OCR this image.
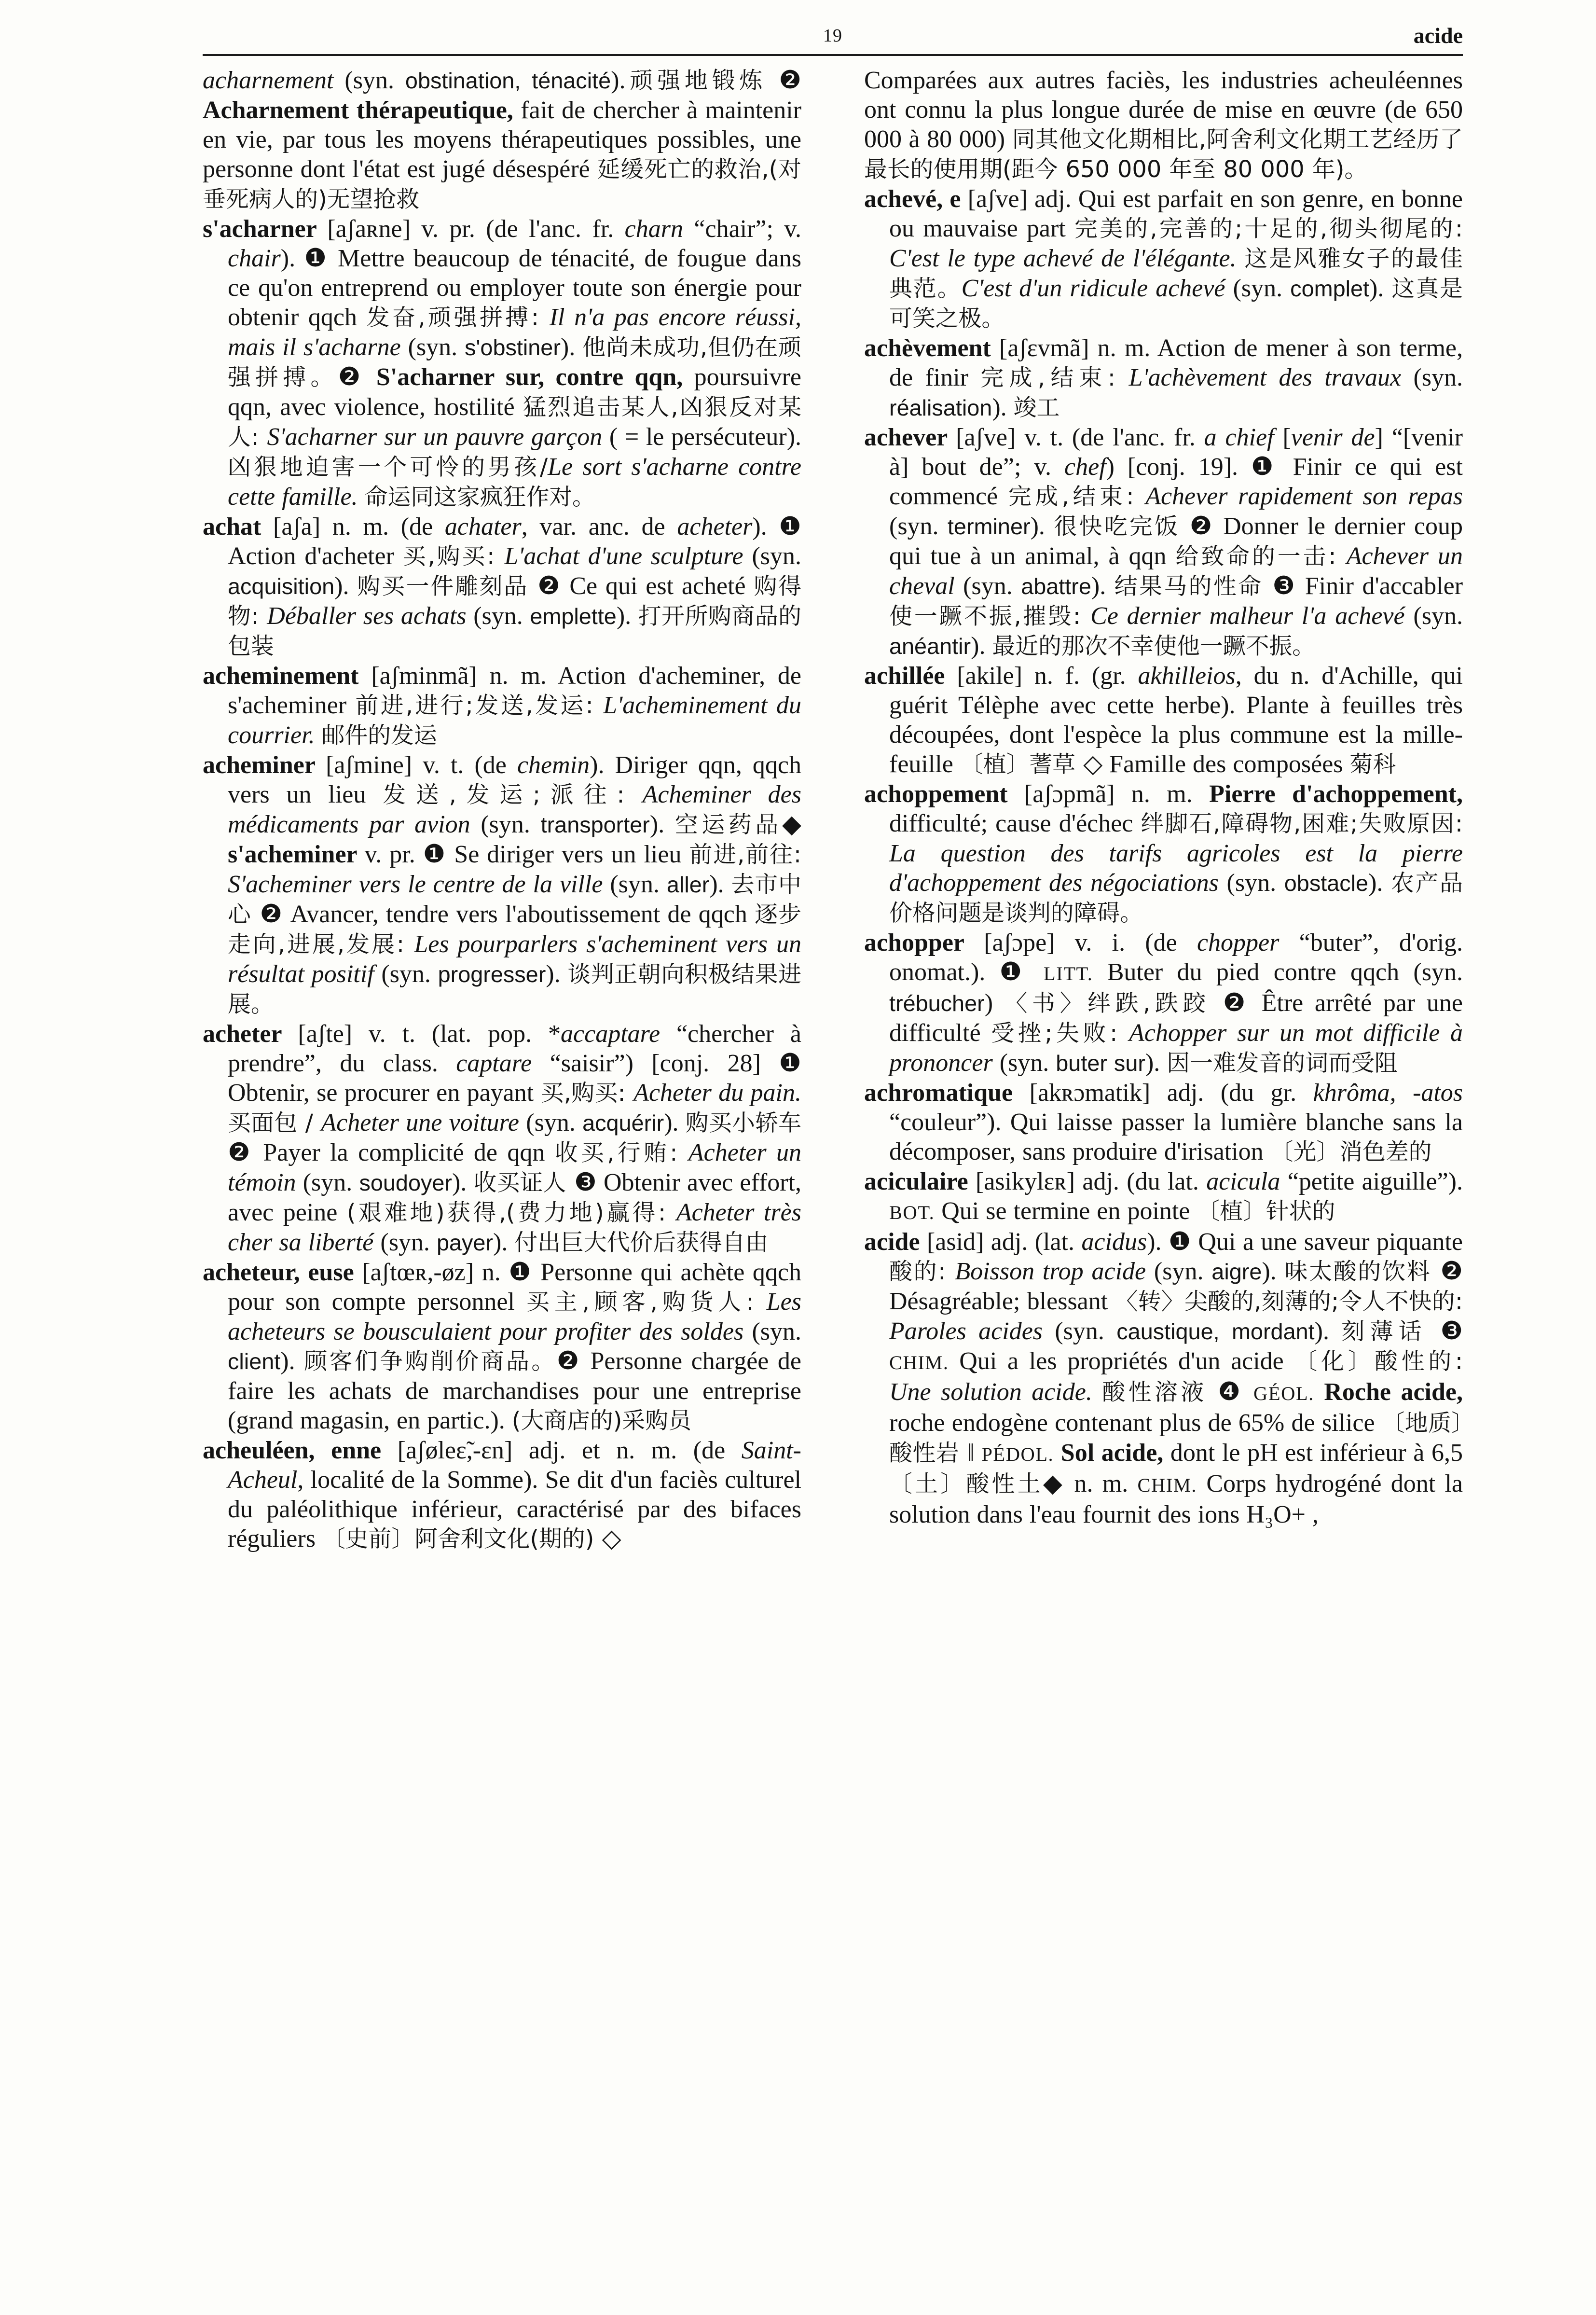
19	acide

acharnement (syn. obstination, ténacité).顽强地锻炼 ❷ Acharnement thérapeutique, fait de chercher à maintenir en vie, par tous les moyens thérapeutiques possibles, une personne dont l'état est jugé désespéré 延缓死亡的救治,(对垂死病人的)无望抢救

s'acharner [aʃaʀne] v. pr. (de l'anc. fr. charn “chair”; v. chair). ❶ Mettre beaucoup de ténacité, de fougue dans ce qu'on entreprend ou employer toute son énergie pour obtenir qqch 发奋,顽强拼搏: Il n'a pas encore réussi, mais il s'acharne (syn. s'obstiner). 他尚未成功,但仍在顽强拼搏。❷ S'acharner sur, contre qqn, poursuivre qqn, avec violence, hostilité 猛烈追击某人,凶狠反对某人: S'acharner sur un pauvre garçon ( = le persécuteur). 凶狠地迫害一个可怜的男孩/Le sort s'acharne contre cette famille. 命运同这家疯狂作对。

achat [aʃa] n. m. (de achater, var. anc. de acheter). ❶ Action d'acheter 买,购买: L'achat d'une sculpture (syn. acquisition). 购买一件雕刻品 ❷ Ce qui est acheté 购得物: Déballer ses achats (syn. emplette). 打开所购商品的包装

acheminement [aʃminmã] n. m. Action d'acheminer, de s'acheminer 前进,进行;发送,发运: L'acheminement du courrier. 邮件的发运

acheminer [aʃmine] v. t. (de chemin). Diriger qqn, qqch vers un lieu 发送,发运;派往: Acheminer des médicaments par avion (syn. transporter). 空运药品◆ s'acheminer v. pr. ❶ Se diriger vers un lieu 前进,前往: S'acheminer vers le centre de la ville (syn. aller). 去市中心 ❷ Avancer, tendre vers l'aboutissement de qqch 逐步走向,进展,发展: Les pourparlers s'acheminent vers un résultat positif (syn. progresser). 谈判正朝向积极结果进展。

acheter [aʃte] v. t. (lat. pop. *accaptare “chercher à prendre”, du class. captare “saisir”) [conj. 28] ❶ Obtenir, se procurer en payant 买,购买: Acheter du pain. 买面包 / Acheter une voiture (syn. acquérir). 购买小轿车 ❷ Payer la complicité de qqn 收买,行贿: Acheter un témoin (syn. soudoyer). 收买证人 ❸ Obtenir avec effort, avec peine (艰难地)获得,(费力地)赢得: Acheter très cher sa liberté (syn. payer). 付出巨大代价后获得自由

acheteur, euse [aʃtœʀ,-øz] n. ❶ Personne qui achète qqch pour son compte personnel 买主,顾客,购货人: Les acheteurs se bousculaient pour profiter des soldes (syn. client). 顾客们争购削价商品。❷ Personne chargée de faire les achats de marchandises pour une entreprise (grand magasin, en partic.). (大商店的)采购员

acheuléen, enne [aʃøleɛ̃,-ɛn] adj. et n. m. (de Saint-Acheul, localité de la Somme). Se dit d'un faciès culturel du paléolithique inférieur, caractérisé par des bifaces réguliers 〔史前〕阿舍利文化(期的) ◇

Comparées aux autres faciès, les industries acheuléennes ont connu la plus longue durée de mise en œuvre (de 650 000 à 80 000) 同其他文化期相比,阿舍利文化期工艺经历了最长的使用期(距今 650 000 年至 80 000 年)。

achevé, e [aʃve] adj. Qui est parfait en son genre, en bonne ou mauvaise part 完美的,完善的;十足的,彻头彻尾的: C'est le type achevé de l'élégante. 这是风雅女子的最佳典范。C'est d'un ridicule achevé (syn. complet). 这真是可笑之极。

achèvement [aʃɛvmã] n. m. Action de mener à son terme, de finir 完成,结束: L'achèvement des travaux (syn. réalisation). 竣工

achever [aʃve] v. t. (de l'anc. fr. a chief [venir de] “[venir à] bout de”; v. chef) [conj. 19]. ❶ Finir ce qui est commencé 完成,结束: Achever rapidement son repas (syn. terminer). 很快吃完饭 ❷ Donner le dernier coup qui tue à un animal, à qqn 给致命的一击: Achever un cheval (syn. abattre). 结果马的性命 ❸ Finir d'accabler 使一蹶不振,摧毁: Ce dernier malheur l'a achevé (syn. anéantir). 最近的那次不幸使他一蹶不振。

achillée [akile] n. f. (gr. akhilleios, du n. d'Achille, qui guérit Télèphe avec cette herbe). Plante à feuilles très découpées, dont l'espèce la plus commune est la mille-feuille 〔植〕蓍草 ◇ Famille des composées 菊科

achoppement [aʃɔpmã] n. m. Pierre d'achoppement, difficulté; cause d'échec 绊脚石,障碍物,困难;失败原因: La question des tarifs agricoles est la pierre d'achoppement des négociations (syn. obstacle). 农产品价格问题是谈判的障碍。

achopper [aʃɔpe] v. i. (de chopper “buter”, d'orig. onomat.). ❶ LITT. Buter du pied contre qqch (syn. trébucher) 〈书〉绊跌,跌跤 ❷ Être arrêté par une difficulté 受挫;失败: Achopper sur un mot difficile à prononcer (syn. buter sur). 因一难发音的词而受阻

achromatique [akʀɔmatik] adj. (du gr. khrôma, -atos “couleur”). Qui laisse passer la lumière blanche sans la décomposer, sans produire d'irisation 〔光〕消色差的

aciculaire [asikylɛʀ] adj. (du lat. acicula “petite aiguille”). BOT. Qui se termine en pointe 〔植〕针状的

acide [asid] adj. (lat. acidus). ❶ Qui a une saveur piquante 酸的: Boisson trop acide (syn. aigre). 味太酸的饮料 ❷ Désagréable; blessant 〈转〉尖酸的,刻薄的;令人不快的: Paroles acides (syn. caustique, mordant). 刻薄话 ❸ CHIM. Qui a les propriétés d'un acide 〔化〕酸性的: Une solution acide. 酸性溶液 ❹ GÉOL. Roche acide, roche endogène contenant plus de 65% de silice 〔地质〕酸性岩 ‖ PÉDOL. Sol acide, dont le pH est inférieur à 6,5 〔土〕酸性土◆ n. m. CHIM. Corps hydrogéné dont la solution dans l'eau fournit des ions H₃O+ ,
